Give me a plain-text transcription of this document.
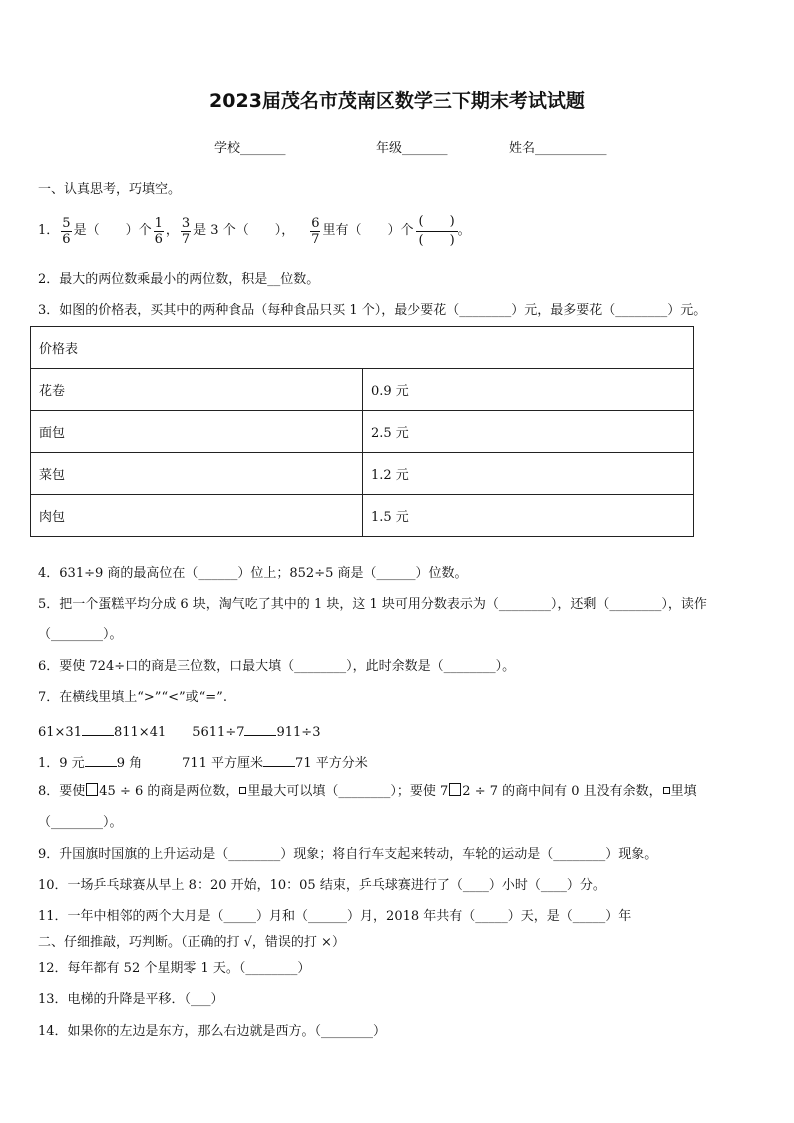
2023届茂名市茂南区数学三下期末考试试题
学校_______	年级_______	姓名___________
一、认真思考，巧填空。
1． $\frac{5}{6}$ 是（　　）个 $\frac{1}{6}$ ， $\frac{3}{7}$ 是 3 个（　　）， $\frac{6}{7}$ 里有（　　）个
(　　)
(　　)
。
2．最大的两位数乘最小的两位数，积是__位数。
3．如图的价格表，买其中的两种食品（每种食品只买 1 个），最少要花（________）元，最多要花（________）元。
价格表	
花卷	0.9 元
面包	2.5 元
菜包	1.2 元
肉包	1.5 元
4．631÷9 商的最高位在（______）位上；852÷5 商是（______）位数。
5．把一个蛋糕平均分成 6 块，淘气吃了其中的 1 块，这 1 块可用分数表示为（________），还剩（________），读作
（________）。
6．要使 724÷口的商是三位数，口最大填（________），此时余数是（________）。
7．在横线里填上“>”“<”或“=”.
61×31 811×41 5611÷7 911÷3
1．9 元 9 角	711 平方厘米 71 平方分米
8．要使 45 ÷ 6 的商是两位数， 里最大可以填（________）；要使 7 2 ÷ 7 的商中间有 0 且没有余数， 里填
（________）。
9．升国旗时国旗的上升运动是（________）现象；将自行车支起来转动，车轮的运动是（________）现象。
10．一场乒乓球赛从早上 8：20 开始，10：05 结束，乒乓球赛进行了（____）小时（____）分。
11．一年中相邻的两个大月是（_____）月和（______）月，2018 年共有（_____）天，是（_____）年
二、仔细推敲，巧判断。（正确的打 √，错误的打 ×）
12．每年都有 52 个星期零 1 天。（________）
13．电梯的升降是平移．（___）
14．如果你的左边是东方，那么右边就是西方。（________）
